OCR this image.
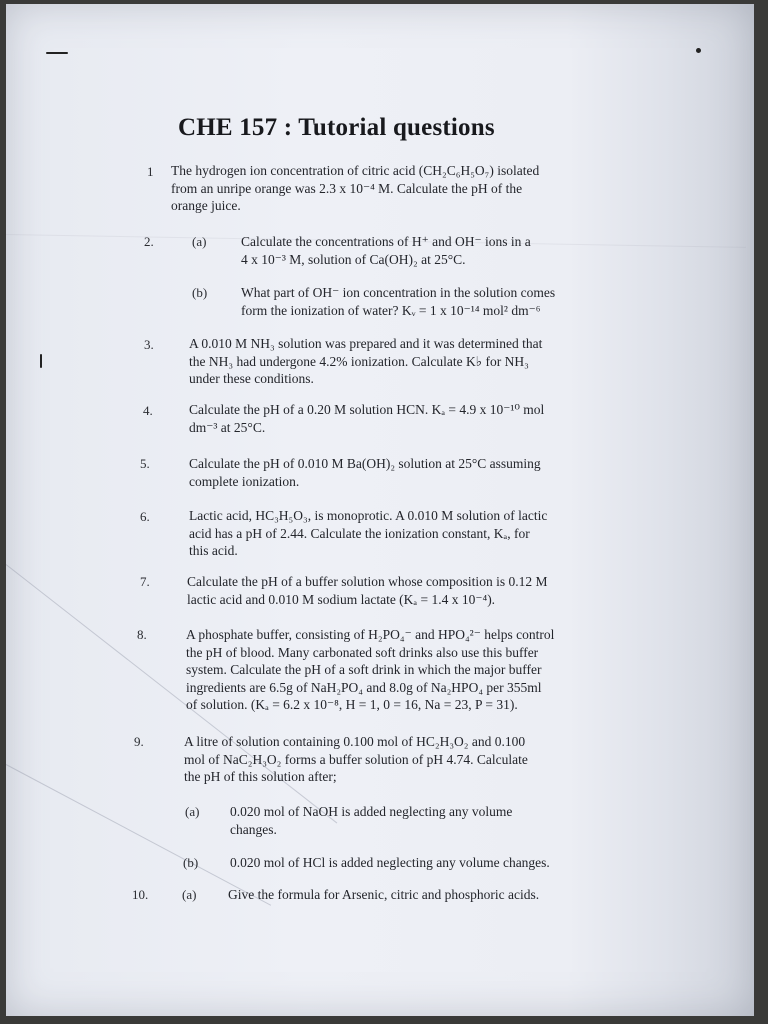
CHE 157 : Tutorial questions
1 The hydrogen ion concentration of citric acid (CH₂C₆H₅O₇) isolated
from an unripe orange was 2.3 x 10⁻⁴ M. Calculate the pH of the
orange juice.
2.	(a)	Calculate the concentrations of H⁺ and OH⁻ ions in a
4 x 10⁻³ M, solution of Ca(OH)₂ at 25°C.
(b)	What part of OH⁻ ion concentration in the solution comes
form the ionization of water? Kᵥ = 1 x 10⁻¹⁴ mol² dm⁻⁶
3.	A 0.010 M NH₃ solution was prepared and it was determined that
the NH₃ had undergone 4.2% ionization. Calculate K♭ for NH₃
under these conditions.
4.	Calculate the pH of a 0.20 M solution HCN. Kₐ = 4.9 x 10⁻¹⁰ mol
dm⁻³ at 25°C.
5.	Calculate the pH of 0.010 M Ba(OH)₂ solution at 25°C assuming
complete ionization.
6.	Lactic acid, HC₃H₅O₃, is monoprotic. A 0.010 M solution of lactic
acid has a pH of 2.44. Calculate the ionization constant, Kₐ, for
this acid.
7.	Calculate the pH of a buffer solution whose composition is 0.12 M
lactic acid and 0.010 M sodium lactate (Kₐ = 1.4 x 10⁻⁴).
8.	A phosphate buffer, consisting of H₂PO₄⁻ and HPO₄²⁻ helps control
the pH of blood. Many carbonated soft drinks also use this buffer
system. Calculate the pH of a soft drink in which the major buffer
ingredients are 6.5g of NaH₂PO₄ and 8.0g of Na₂HPO₄ per 355ml
of solution. (Kₐ = 6.2 x 10⁻⁸, H = 1, 0 = 16, Na = 23, P = 31).
9.	A litre of solution containing 0.100 mol of HC₂H₃O₂ and 0.100
mol of NaC₂H₃O₂ forms a buffer solution of pH 4.74. Calculate
the pH of this solution after;
(a) 0.020 mol of NaOH is added neglecting any volume
changes.
(b) 0.020 mol of HCl is added neglecting any volume changes.
10.	(a) Give the formula for Arsenic, citric and phosphoric acids.
